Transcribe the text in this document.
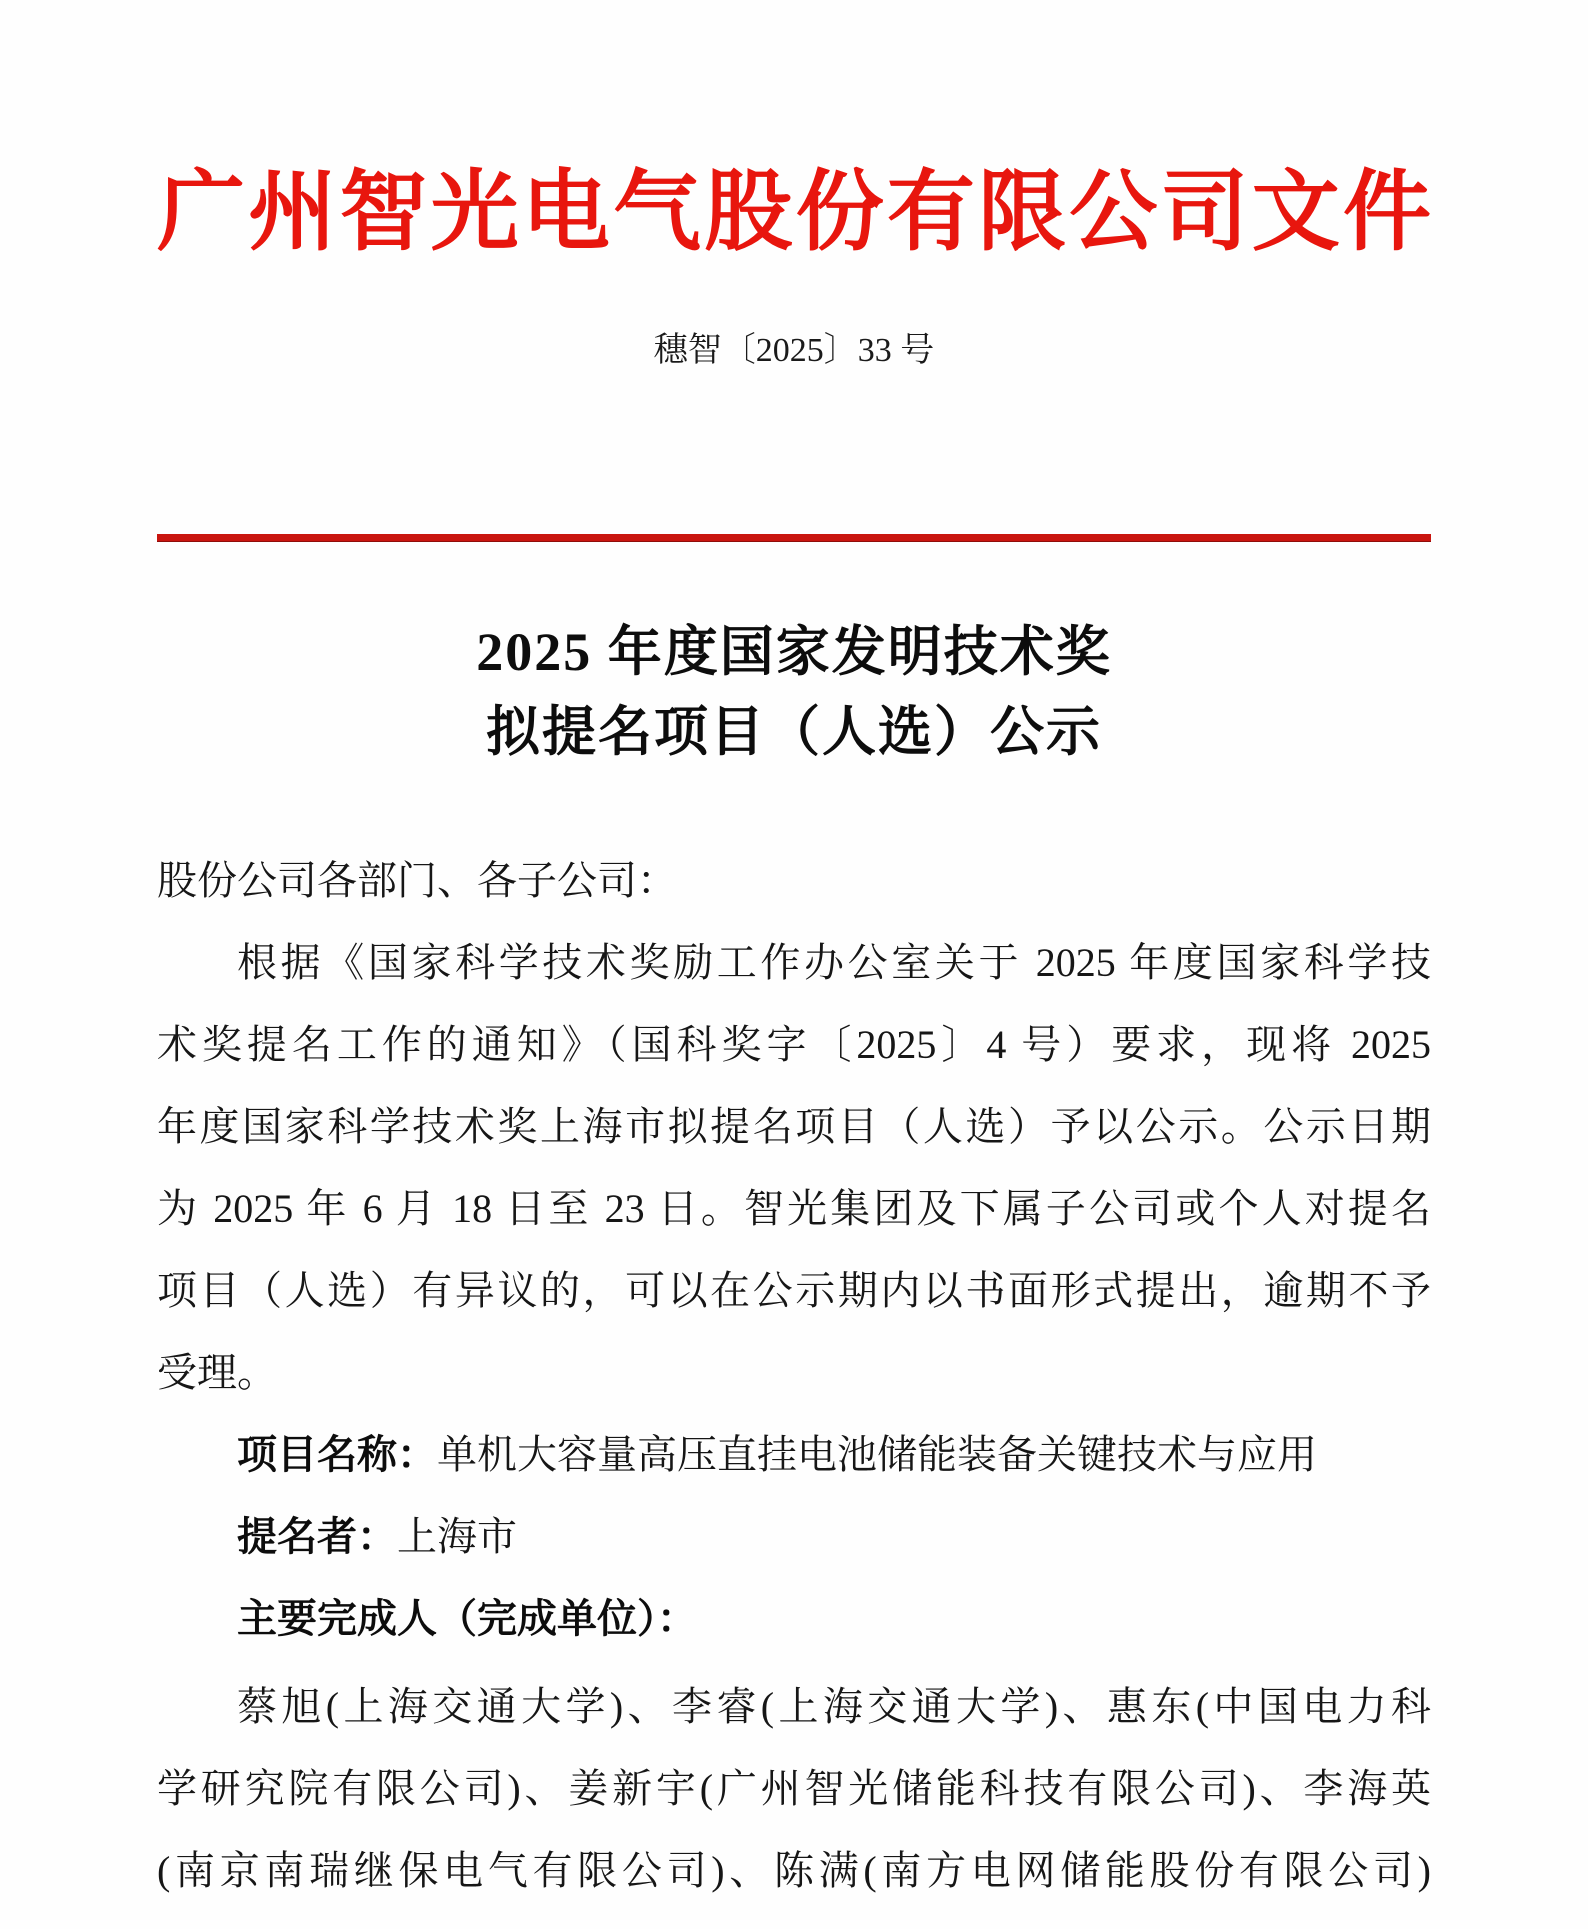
广州智光电气股份有限公司文件
穗智〔2025〕33 号
2025 年度国家发明技术奖
拟提名项目（人选）公示
股份公司各部门、各子公司：
根据《国家科学技术奖励工作办公室关于 2025 年度国家科学技
术奖提名工作的通知》（国科奖字〔2025〕4 号）要求，现将 2025
年度国家科学技术奖上海市拟提名项目（人选）予以公示。公示日期
为 2025 年 6 月 18 日至 23 日。智光集团及下属子公司或个人对提名
项目（人选）有异议的，可以在公示期内以书面形式提出，逾期不予
受理。
项目名称：单机大容量高压直挂电池储能装备关键技术与应用
提名者：上海市
主要完成人（完成单位）：
蔡旭(上海交通大学)、李睿(上海交通大学)、惠东(中国电力科
学研究院有限公司)、姜新宇(广州智光储能科技有限公司)、李海英
(南京南瑞继保电气有限公司)、陈满(南方电网储能股份有限公司)
